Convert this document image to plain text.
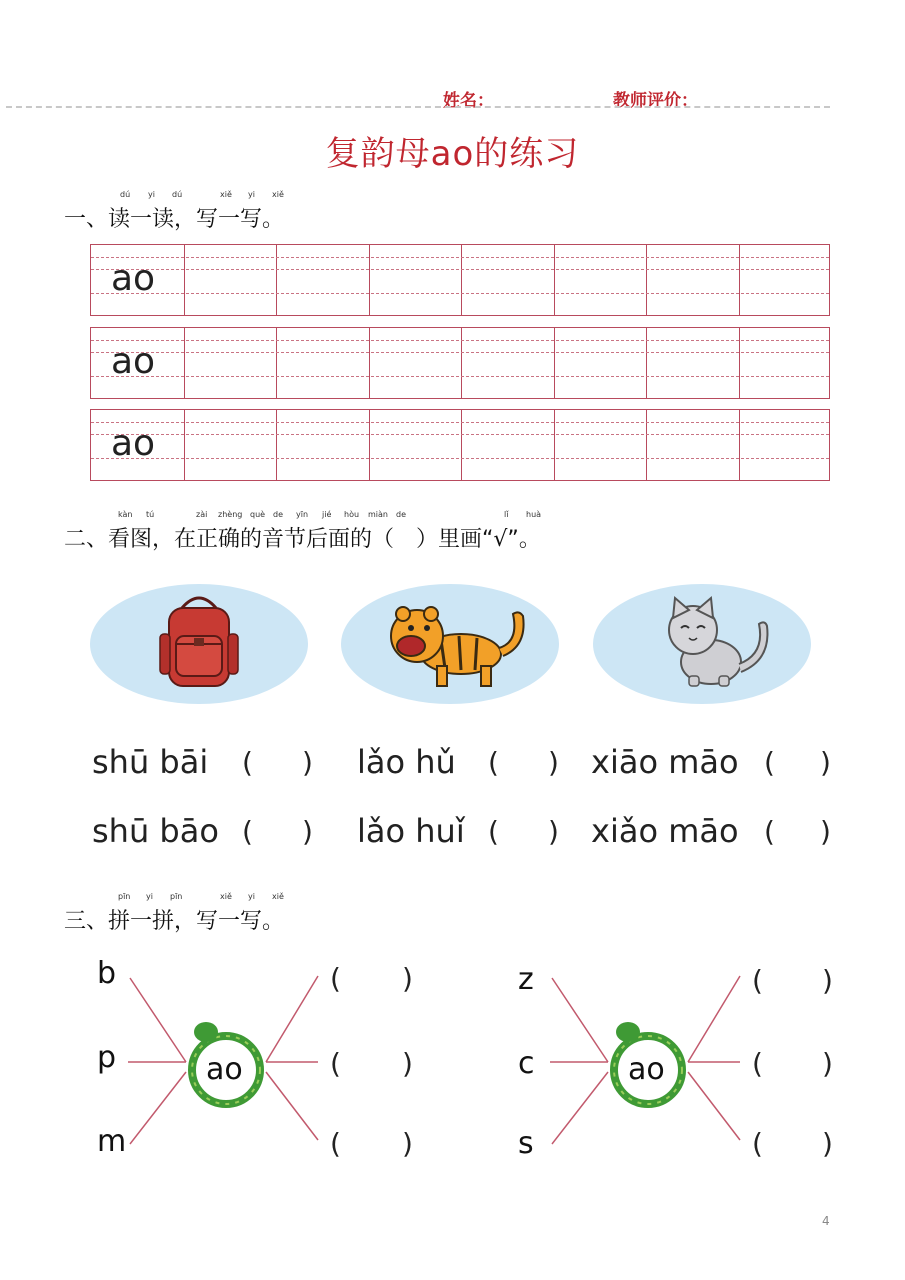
姓名：	教师评价：
复韵母ao的练习
dú yi dú	xiě yi xiě
一、读一读，写一写。
ao
ao
ao
kàn tú	zài zhèng què de yīn jié hòu miàn de	lǐ huà
二、看图，在正确的音节后面的（　）里画“√”。
shū bāi ( ) lǎo hǔ ( ) xiāo māo ( )
shū bāo ( ) lǎo huǐ ( ) xiǎo māo ( )
pīn yi pīn	xiě yi xiě
三、拼一拼，写一写。
b
p
m
ao
( )
( )
( )
z
c
s
ao
( )
( )
( )
4
